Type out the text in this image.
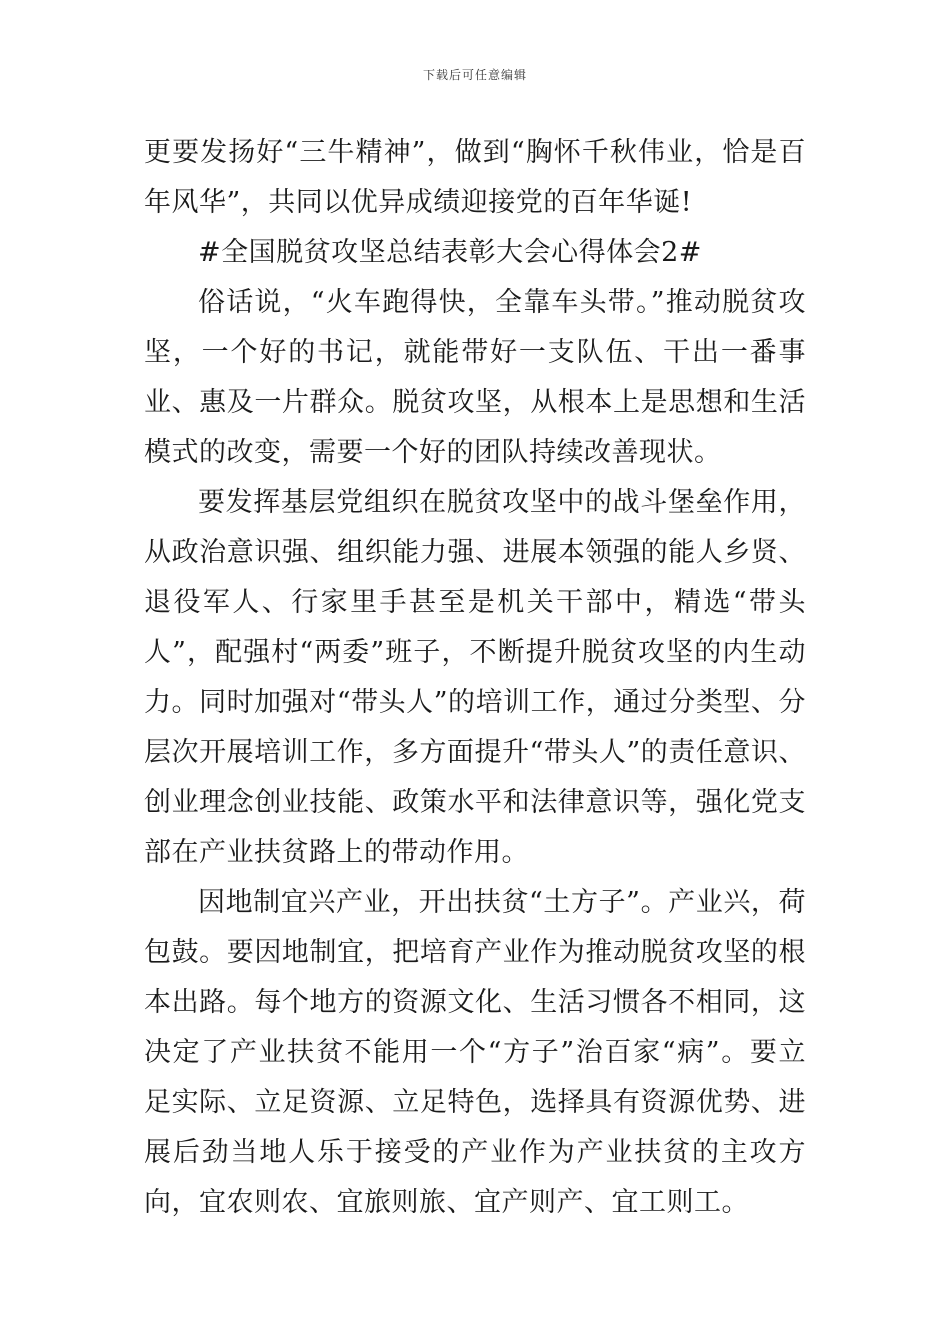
下载后可任意编辑

更要发扬好“三牛精神”，做到“胸怀千秋伟业，恰是百年风华”，共同以优异成绩迎接党的百年华诞!

#全国脱贫攻坚总结表彰大会心得体会2#

俗话说，“火车跑得快，全靠车头带。”推动脱贫攻坚，一个好的书记，就能带好一支队伍、干出一番事业、惠及一片群众。脱贫攻坚，从根本上是思想和生活模式的改变，需要一个好的团队持续改善现状。

要发挥基层党组织在脱贫攻坚中的战斗堡垒作用，从政治意识强、组织能力强、进展本领强的能人乡贤、退役军人、行家里手甚至是机关干部中，精选“带头人”，配强村“两委”班子，不断提升脱贫攻坚的内生动力。同时加强对“带头人”的培训工作，通过分类型、分层次开展培训工作，多方面提升“带头人”的责任意识、创业理念创业技能、政策水平和法律意识等，强化党支部在产业扶贫路上的带动作用。

因地制宜兴产业，开出扶贫“土方子”。产业兴，荷包鼓。要因地制宜，把培育产业作为推动脱贫攻坚的根本出路。每个地方的资源文化、生活习惯各不相同，这决定了产业扶贫不能用一个“方子”治百家“病”。要立足实际、立足资源、立足特色，选择具有资源优势、进展后劲当地人乐于接受的产业作为产业扶贫的主攻方向，宜农则农、宜旅则旅、宜产则产、宜工则工。
